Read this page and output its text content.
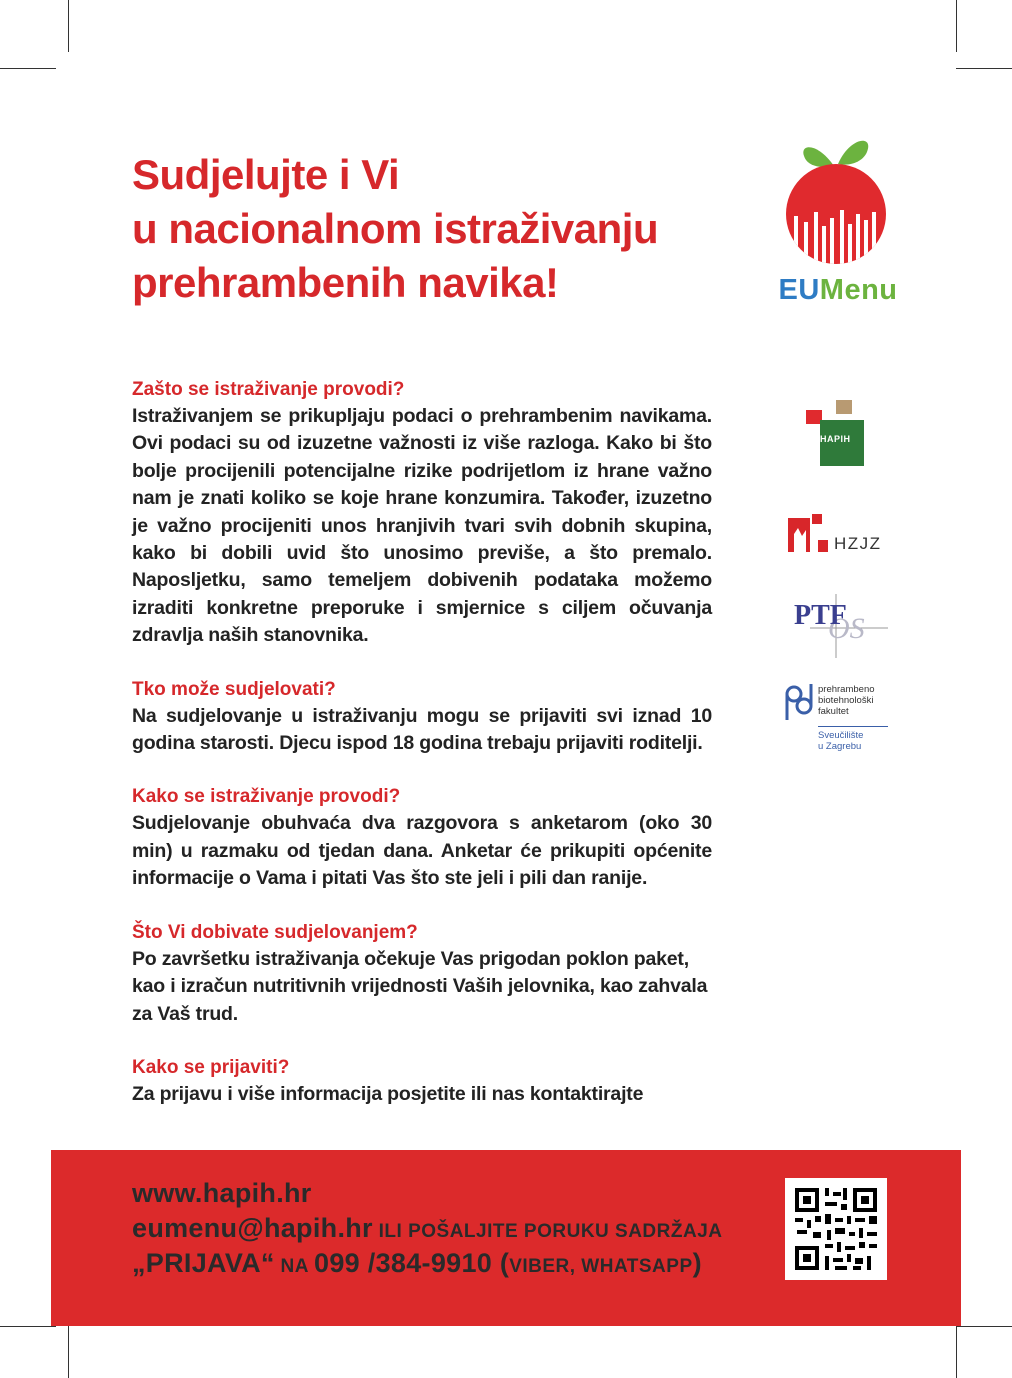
Sudjelujte i Vi
u nacionalnom istraživanju
prehrambenih navika!	EUMenu
Zašto se istraživanje provodi?
Istraživanjem se prikupljaju podaci o prehrambenim navikama. Ovi podaci su od izuzetne važnosti iz više razloga. Kako bi što bolje procijenili potencijalne rizike podrijetlom iz hrane važno nam je znati koliko se koje hrane konzumira. Također, izuzetno je važno procijeniti unos hranjivih tvari svih dobnih skupina, kako bi dobili uvid što unosimo previše, a što premalo. Naposljetku, samo temeljem dobivenih podataka možemo izraditi konkretne preporuke i smjernice s ciljem očuvanja zdravlja naših stanovnika.
Tko može sudjelovati?
Na sudjelovanje u istraživanju mogu se prijaviti svi iznad 10 godina starosti. Djecu ispod 18 godina trebaju prijaviti roditelji.
Kako se istraživanje provodi?
Sudjelovanje obuhvaća dva razgovora s anketarom (oko 30 min) u razmaku od tjedan dana. Anketar će prikupiti općenite informacije o Vama i pitati Vas što ste jeli i pili dan ranije.
Što Vi dobivate sudjelovanjem?
Po završetku istraživanja očekuje Vas prigodan poklon paket, kao i izračun nutritivnih vrijednosti Vaših jelovnika, kao zahvala za Vaš trud.
Kako se prijaviti?
Za prijavu i više informacija posjetite ili nas kontaktirajte
HAPIH
HZJZ
OS
PTF
prehrambeno
biotehnološki
fakultet
Sveučilište
u Zagrebu
www.hapih.hr
eumenu@hapih.hr ILI POŠALJITE PORUKU SADRŽAJA
„PRIJAVA“ NA 099 /384-9910 (VIBER, WHATSAPP)
